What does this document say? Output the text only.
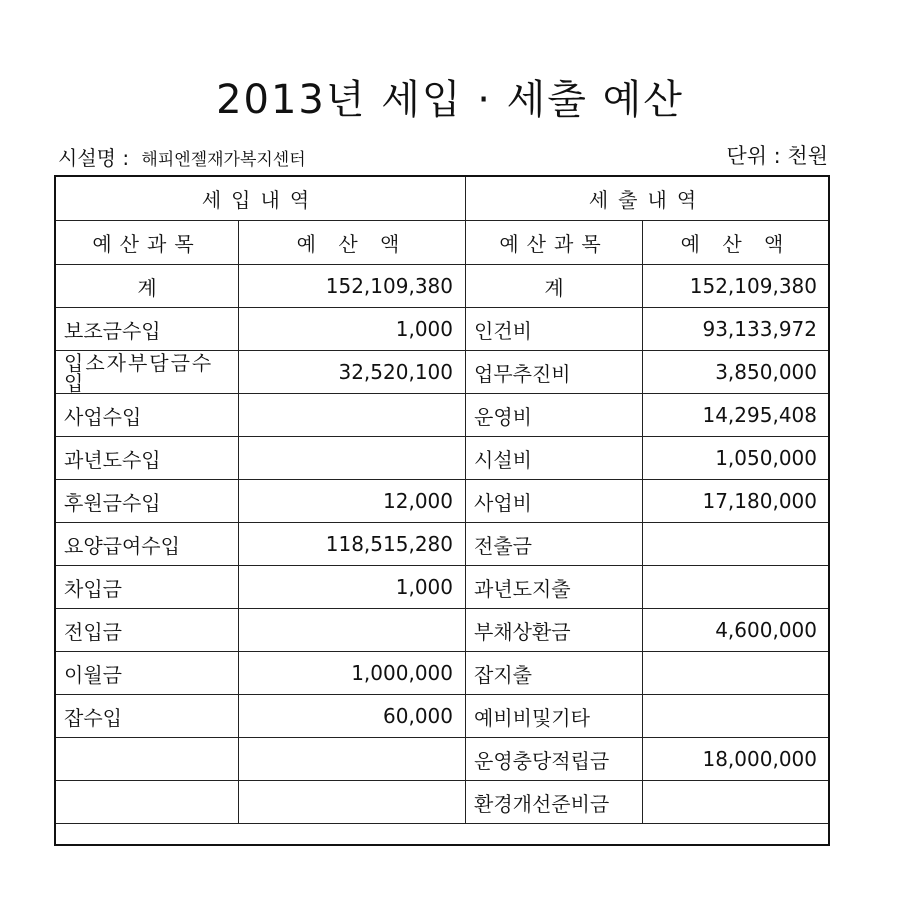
2013년 세입 · 세출 예산
시설명 : 해피엔젤재가복지센터	단위 : 천원
세입내역		세출내역	
예산과목	예 산 액	예산과목	예 산 액
계	152,109,380	계	152,109,380
보조금수입	1,000	인건비	93,133,972
입소자부담금수입	32,520,100	업무추진비	3,850,000
사업수입		운영비	14,295,408
과년도수입		시설비	1,050,000
후원금수입	12,000	사업비	17,180,000
요양급여수입	118,515,280	전출금	
차입금	1,000	과년도지출	
전입금		부채상환금	4,600,000
이월금	1,000,000	잡지출	
잡수입	60,000	예비비및기타	
		운영충당적립금	18,000,000
		환경개선준비금	
